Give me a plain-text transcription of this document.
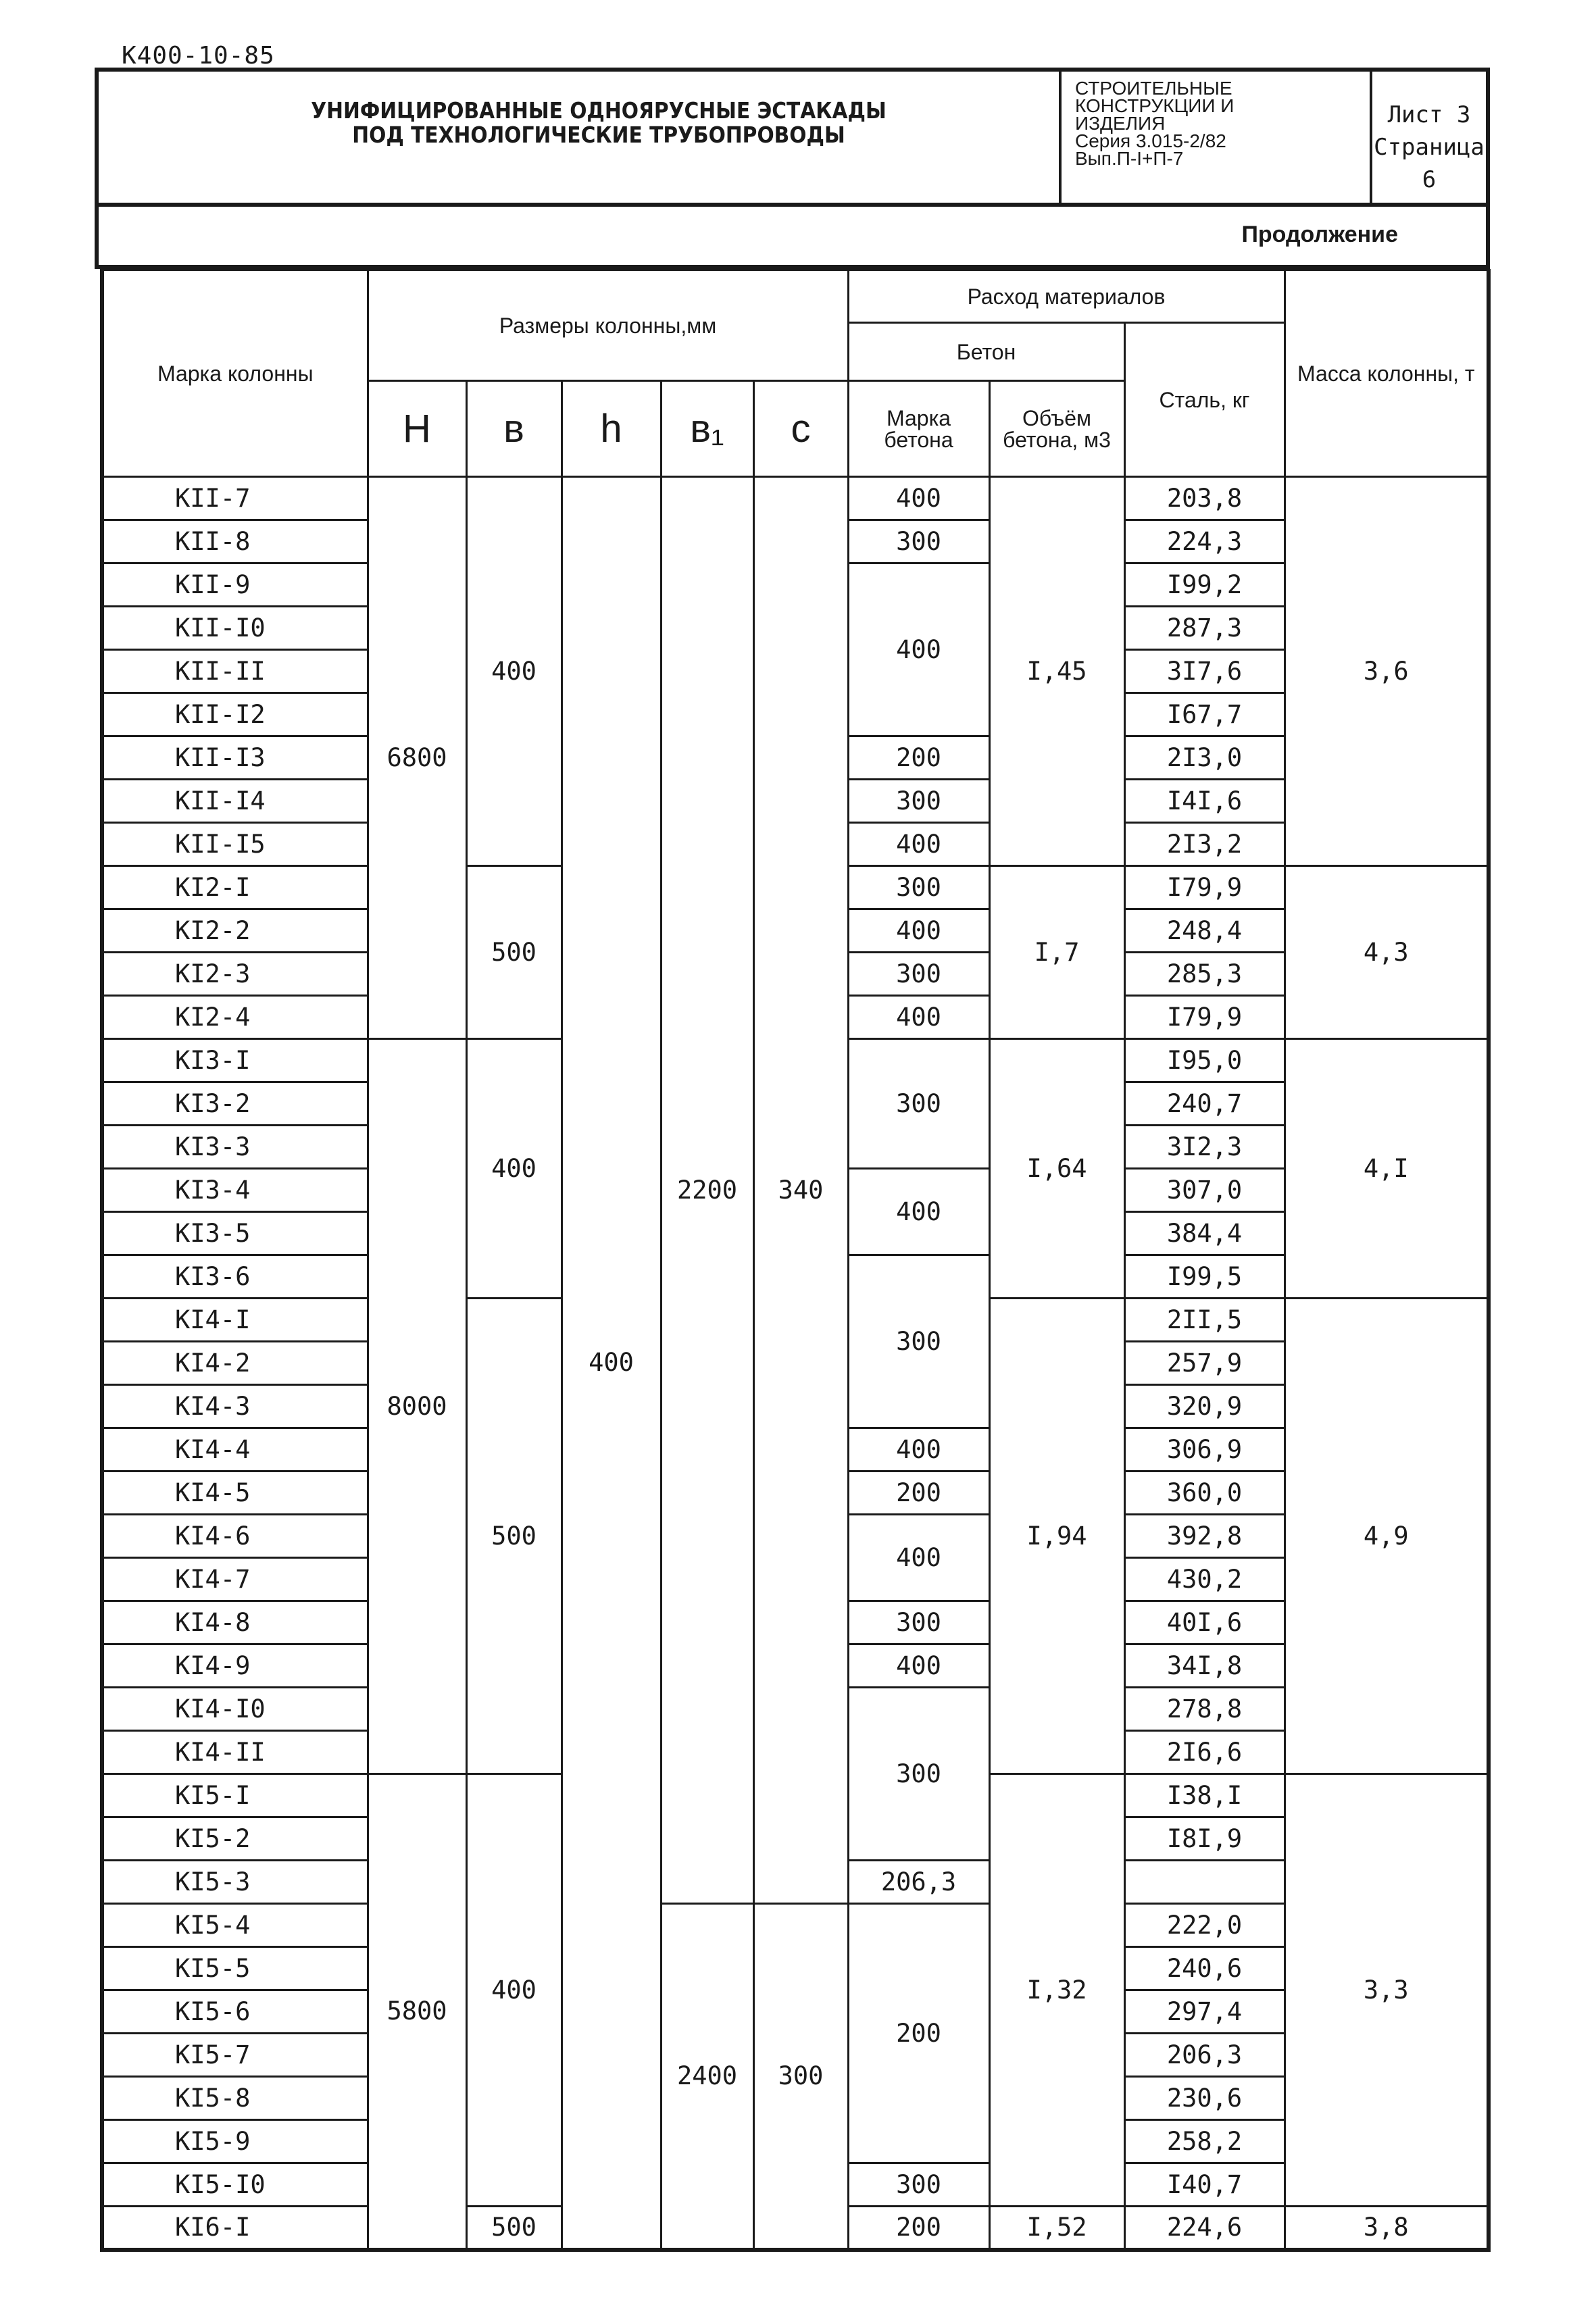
К400-10-85
УНИФИЦИРОВАННЫЕ ОДНОЯРУСНЫЕ ЭСТАКАДЫ
ПОД ТЕХНОЛОГИЧЕСКИЕ ТРУБОПРОВОДЫ
СТРОИТЕЛЬНЫЕ
КОНСТРУКЦИИ И
ИЗДЕЛИЯ
Серия 3.015-2/82
Вып.П-I+П-7
Лист 3
Страница 6
Продолжение
Марка колонны	Размеры колонны,мм					Расход материалов			Масса колонны, т
						Бетон		Сталь, кг	
	H	в	h	в₁	c	Марка бетона	Объём бетона, м3		
KII-7	6800	400	400	2200	340	400	I,45	203,8	3,6
KII-8						300		224,3	
KII-9						400		I99,2	
KII-I0								287,3	
KII-II								3I7,6	
KII-I2								I67,7	
KII-I3						200		2I3,0	
KII-I4						300		I4I,6	
KII-I5						400		2I3,2	
KI2-I		500				300	I,7	I79,9	4,3
KI2-2						400		248,4	
KI2-3						300		285,3	
KI2-4						400		I79,9	
KI3-I	8000	400				300	I,64	I95,0	4,I
KI3-2								240,7	
KI3-3								3I2,3	
KI3-4						400		307,0	
KI3-5								384,4	
KI3-6						300		I99,5	
KI4-I		500					I,94	2II,5	4,9
KI4-2								257,9	
KI4-3								320,9	
KI4-4						400		306,9	
KI4-5						200		360,0	
KI4-6						400		392,8	
KI4-7								430,2	
KI4-8						300		40I,6	
KI4-9						400		34I,8	
KI4-I0						300		278,8	
KI4-II								2I6,6	
KI5-I	5800	400					I,32	I38,I	3,3
KI5-2								I8I,9	
KI5-3						206,3			
KI5-4				2400	300	200		222,0	
KI5-5								240,6	
KI5-6								297,4	
KI5-7								206,3	
KI5-8								230,6	
KI5-9								258,2	
KI5-I0						300		I40,7	
KI6-I		500				200	I,52	224,6	3,8
